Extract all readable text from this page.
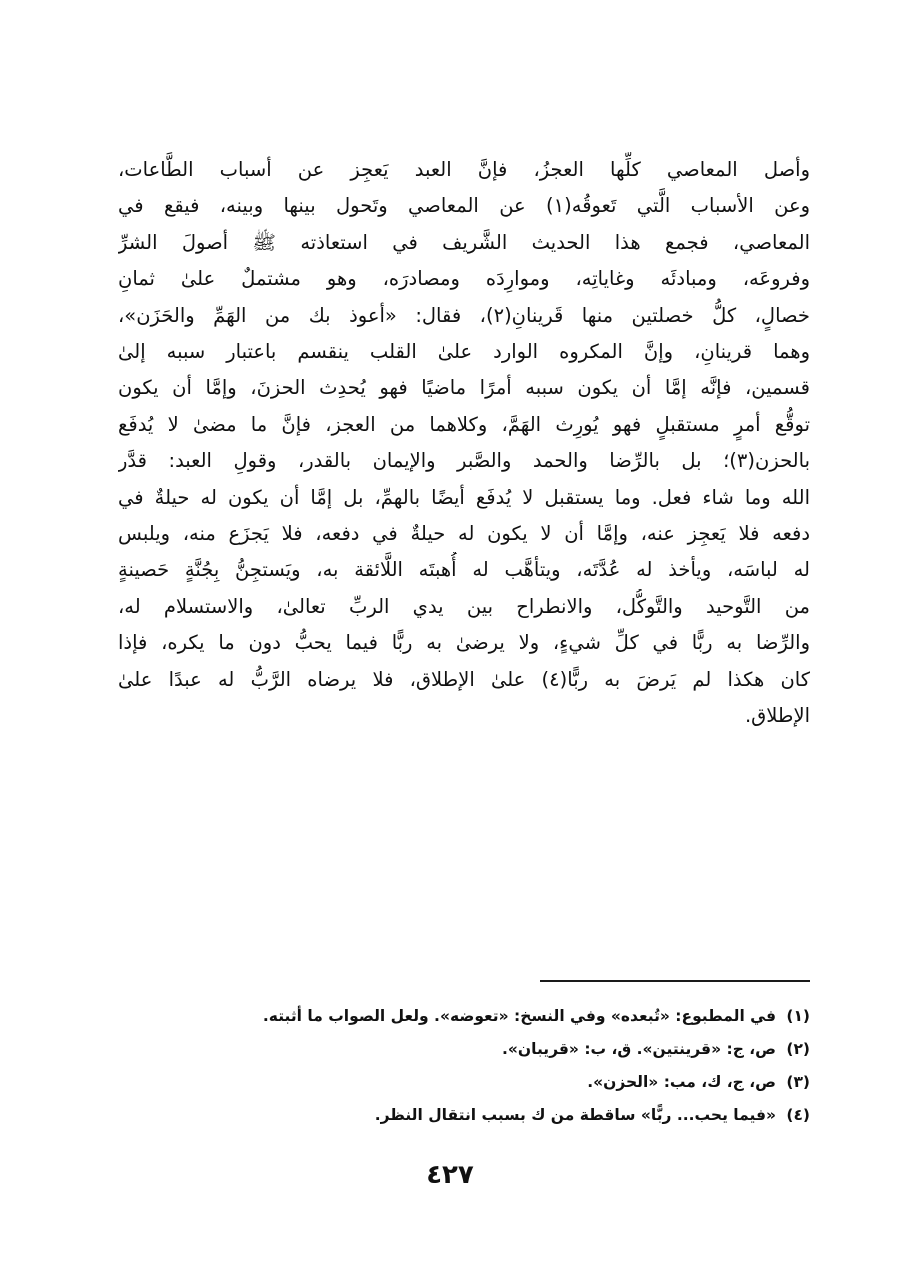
وأصل المعاصي كلِّها العجزُ، فإنَّ العبد يَعجِز عن أسباب الطَّاعات،
وعن الأسباب الَّتي تَعوقُه(١) عن المعاصي وتَحول بينها وبينه، فيقع في
المعاصي، فجمع هذا الحديث الشَّريف في استعاذته ﷺ أصولَ الشرِّ
وفروعَه، ومبادئَه وغاياتِه، وموارِدَه ومصادرَه، وهو مشتملٌ علىٰ ثمانِ
خصالٍ، كلُّ خصلتين منها قَرينانِ(٢)، فقال: «أعوذ بك من الهَمِّ والحَزَن»،
وهما قرينانِ، وإنَّ المكروه الوارد علىٰ القلب ينقسم باعتبار سببه إلىٰ
قسمين، فإنَّه إمَّا أن يكون سببه أمرًا ماضيًا فهو يُحدِث الحزنَ، وإمَّا أن يكون
توقُّع أمرٍ مستقبلٍ فهو يُورِث الهَمَّ، وكلاهما من العجز، فإنَّ ما مضىٰ لا يُدفَع
بالحزن(٣)؛ بل بالرِّضا والحمد والصَّبر والإيمان بالقدر، وقولِ العبد: قدَّر
الله وما شاء فعل. وما يستقبل لا يُدفَع أيضًا بالهمِّ، بل إمَّا أن يكون له حيلةٌ في
دفعه فلا يَعجِز عنه، وإمَّا أن لا يكون له حيلةٌ في دفعه، فلا يَجزَع منه، ويلبس
له لباسَه، ويأخذ له عُدَّتَه، ويتأهَّب له أُهبتَه اللَّائقة به، ويَستجِنُّ بِجُنَّةٍ حَصينةٍ
من التَّوحيد والتَّوكُّل، والانطراح بين يدي الربِّ تعالىٰ، والاستسلام له،
والرِّضا به ربًّا في كلِّ شيءٍ، ولا يرضىٰ به ربًّا فيما يحبُّ دون ما يكره، فإذا
كان هكذا لم يَرضَ به ربًّا(٤) علىٰ الإطلاق، فلا يرضاه الرَّبُّ له عبدًا علىٰ
الإطلاق.
(١)
في المطبوع: «تُبعده» وفي النسخ: «تعوضه». ولعل الصواب ما أثبته.
(٢)
ص، ج: «قرينتين». ق، ب: «قريبان».
(٣)
ص، ج، ك، مب: «الحزن».
(٤)
«فيما يحب... ربًّا» ساقطة من ك بسبب انتقال النظر.
٤٢٧
